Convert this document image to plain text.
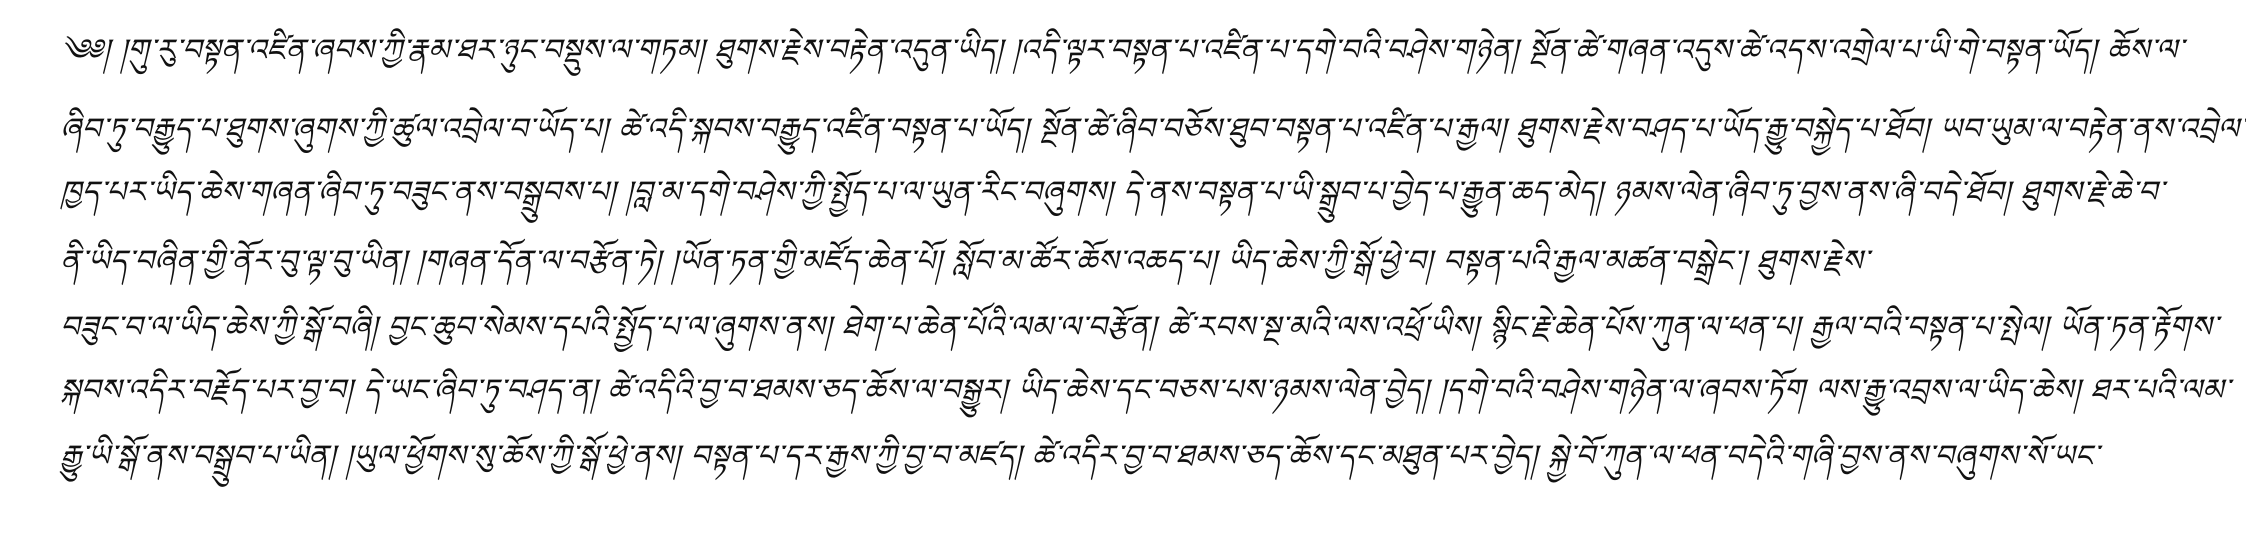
༄༅། །གུ་རུ་བསྟན་འཛིན་ཞབས་ཀྱི་རྣམ་ཐར་ཉུང་བསྡུས་ལ་གཏམ། ཐུགས་རྗེས་བརྟེན་འདུན་ཡིད། །འདི་ལྟར་བསྟན་པ་འཛིན་པ་དགེ་བའི་བཤེས་གཉེན། སྔོན་ཚེ་གཞན་འདུས་ཚེ་འདས་འགྲེལ་པ་ཡི་གེ་བསྟན་ཡོད། ཆོས་ལ་
ཞིབ་ཏུ་བརྒྱུད་པ་ཐུགས་ཞུགས་ཀྱི་ཚུལ་འབྲེལ་བ་ཡོད་པ། ཚེ་འདི་སྐབས་བརྒྱུད་འཛིན་བསྟན་པ་ཡོད། སྔོན་ཚེ་ཞིབ་བཅོས་ཐུབ་བསྟན་པ་འཛིན་པ་རྒྱལ། ཐུགས་རྗེས་བཤད་པ་ཡོད་རྒྱུ་བསྐྱེད་པ་ཐོབ། ཡབ་ཡུམ་ལ་བརྟེན་ནས་འབྲེལ་
ཁྱད་པར་ཡིད་ཆེས་གཞན་ཞིབ་ཏུ་བཟུང་ནས་བསྒྲུབས་པ། །བླ་མ་དགེ་བཤེས་ཀྱི་སྤྱོད་པ་ལ་ཡུན་རིང་བཞུགས། དེ་ནས་བསྟན་པ་ཡི་སྒྲུབ་པ་བྱེད་པ་རྒྱུན་ཆད་མེད། ཉམས་ལེན་ཞིབ་ཏུ་བྱས་ནས་ཞི་བདེ་ཐོབ། ཐུགས་རྗེ་ཆེ་བ་
ནི་ཡིད་བཞིན་གྱི་ནོར་བུ་ལྟ་བུ་ཡིན། །གཞན་དོན་ལ་བརྩོན་ཏེ། །ཡོན་ཏན་གྱི་མཛོད་ཆེན་པོ། སློབ་མ་ཚོར་ཆོས་འཆད་པ། ཡིད་ཆེས་ཀྱི་སྒོ་ཕྱེ་བ། བསྟན་པའི་རྒྱལ་མཚན་བསྒྲེང་། ཐུགས་རྗེས་
བཟུང་བ་ལ་ཡིད་ཆེས་ཀྱི་སྒོ་བཞི། བྱང་ཆུབ་སེམས་དཔའི་སྤྱོད་པ་ལ་ཞུགས་ནས། ཐེག་པ་ཆེན་པོའི་ལམ་ལ་བརྩོན། ཚེ་རབས་སྔ་མའི་ལས་འཕྲོ་ཡིས། སྙིང་རྗེ་ཆེན་པོས་ཀུན་ལ་ཕན་པ། རྒྱལ་བའི་བསྟན་པ་སྤེལ། ཡོན་ཏན་རྟོགས་
སྐབས་འདིར་བརྗོད་པར་བྱ་བ། དེ་ཡང་ཞིབ་ཏུ་བཤད་ན། ཚེ་འདིའི་བྱ་བ་ཐམས་ཅད་ཆོས་ལ་བསྒྱུར། ཡིད་ཆེས་དང་བཅས་པས་ཉམས་ལེན་བྱེད། །དགེ་བའི་བཤེས་གཉེན་ལ་ཞབས་ཏོག ལས་རྒྱུ་འབྲས་ལ་ཡིད་ཆེས། ཐར་པའི་ལམ་
རྒྱུ་ཡི་སྒོ་ནས་བསྒྲུབ་པ་ཡིན། །ཡུལ་ཕྱོགས་སུ་ཆོས་ཀྱི་སྒོ་ཕྱེ་ནས། བསྟན་པ་དར་རྒྱས་ཀྱི་བྱ་བ་མཛད། ཚེ་འདིར་བྱ་བ་ཐམས་ཅད་ཆོས་དང་མཐུན་པར་བྱེད། སྐྱེ་བོ་ཀུན་ལ་ཕན་བདེའི་གཞི་བྱས་ནས་བཞུགས་སོ་ཡང་
